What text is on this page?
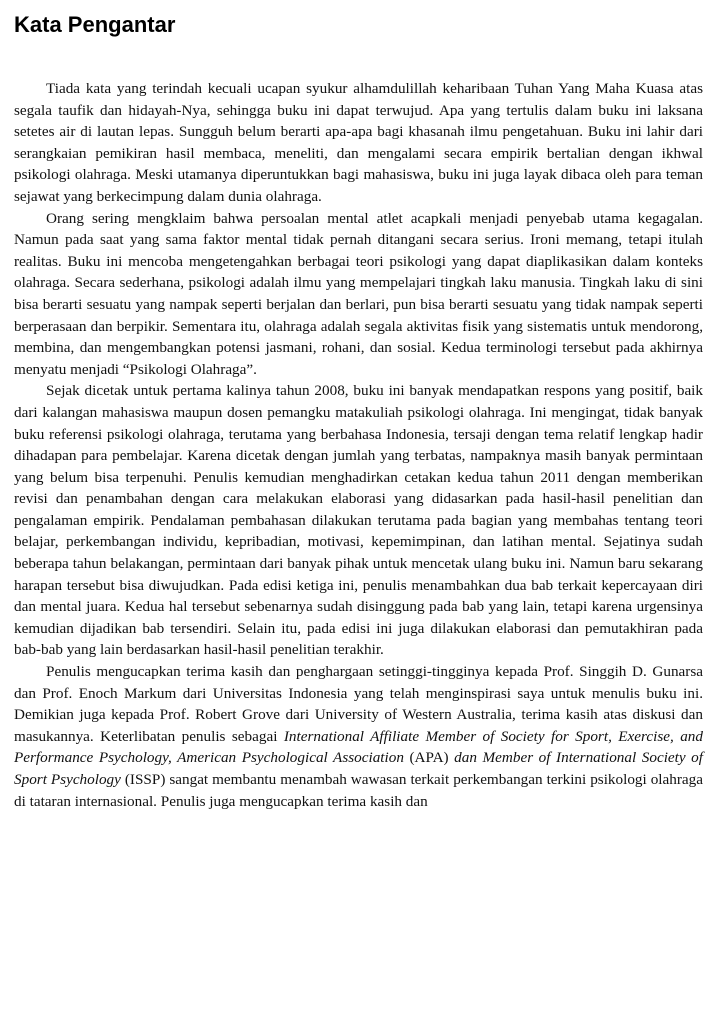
Kata Pengantar

Tiada kata yang terindah kecuali ucapan syukur alhamdulillah keharibaan Tuhan Yang Maha Kuasa atas segala taufik dan hidayah-Nya, sehingga buku ini dapat terwujud. Apa yang tertulis dalam buku ini laksana setetes air di lautan lepas. Sungguh belum berarti apa-apa bagi khasanah ilmu pengetahuan. Buku ini lahir dari serangkaian pemikiran hasil membaca, meneliti, dan mengalami secara empirik bertalian dengan ikhwal psikologi olahraga. Meski utamanya diperuntukkan bagi mahasiswa, buku ini juga layak dibaca oleh para teman sejawat yang berkecimpung dalam dunia olahraga.

Orang sering mengklaim bahwa persoalan mental atlet acapkali menjadi penyebab utama kegagalan. Namun pada saat yang sama faktor mental tidak pernah ditangani secara serius. Ironi memang, tetapi itulah realitas. Buku ini mencoba mengetengahkan berbagai teori psikologi yang dapat diaplikasikan dalam konteks olahraga. Secara sederhana, psikologi adalah ilmu yang mempelajari tingkah laku manusia. Tingkah laku di sini bisa berarti sesuatu yang nampak seperti berjalan dan berlari, pun bisa berarti sesuatu yang tidak nampak seperti berperasaan dan berpikir. Sementara itu, olahraga adalah segala aktivitas fisik yang sistematis untuk mendorong, membina, dan mengembangkan potensi jasmani, rohani, dan sosial. Kedua terminologi tersebut pada akhirnya menyatu menjadi “Psikologi Olahraga”.

Sejak dicetak untuk pertama kalinya tahun 2008, buku ini banyak mendapatkan respons yang positif, baik dari kalangan mahasiswa maupun dosen pemangku matakuliah psikologi olahraga. Ini mengingat, tidak banyak buku referensi psikologi olahraga, terutama yang berbahasa Indonesia, tersaji dengan tema relatif lengkap hadir dihadapan para pembelajar. Karena dicetak dengan jumlah yang terbatas, nampaknya masih banyak permintaan yang belum bisa terpenuhi. Penulis kemudian menghadirkan cetakan kedua tahun 2011 dengan memberikan revisi dan penambahan dengan cara melakukan elaborasi yang didasarkan pada hasil-hasil penelitian dan pengalaman empirik. Pendalaman pembahasan dilakukan terutama pada bagian yang membahas tentang teori belajar, perkembangan individu, kepribadian, motivasi, kepemimpinan, dan latihan mental. Sejatinya sudah beberapa tahun belakangan, permintaan dari banyak pihak untuk mencetak ulang buku ini. Namun baru sekarang harapan tersebut bisa diwujudkan. Pada edisi ketiga ini, penulis menambahkan dua bab terkait kepercayaan diri dan mental juara. Kedua hal tersebut sebenarnya sudah disinggung pada bab yang lain, tetapi karena urgensinya kemudian dijadikan bab tersendiri. Selain itu, pada edisi ini juga dilakukan elaborasi dan pemutakhiran pada bab-bab yang lain berdasarkan hasil-hasil penelitian terakhir.

Penulis mengucapkan terima kasih dan penghargaan setinggi-tingginya kepada Prof. Singgih D. Gunarsa dan Prof. Enoch Markum dari Universitas Indonesia yang telah menginspirasi saya untuk menulis buku ini. Demikian juga kepada Prof. Robert Grove dari University of Western Australia, terima kasih atas diskusi dan masukannya. Keterlibatan penulis sebagai International Affiliate Member of Society for Sport, Exercise, and Performance Psychology, American Psychological Association (APA) dan Member of International Society of Sport Psychology (ISSP) sangat membantu menambah wawasan terkait perkembangan terkini psikologi olahraga di tataran internasional. Penulis juga mengucapkan terima kasih dan
